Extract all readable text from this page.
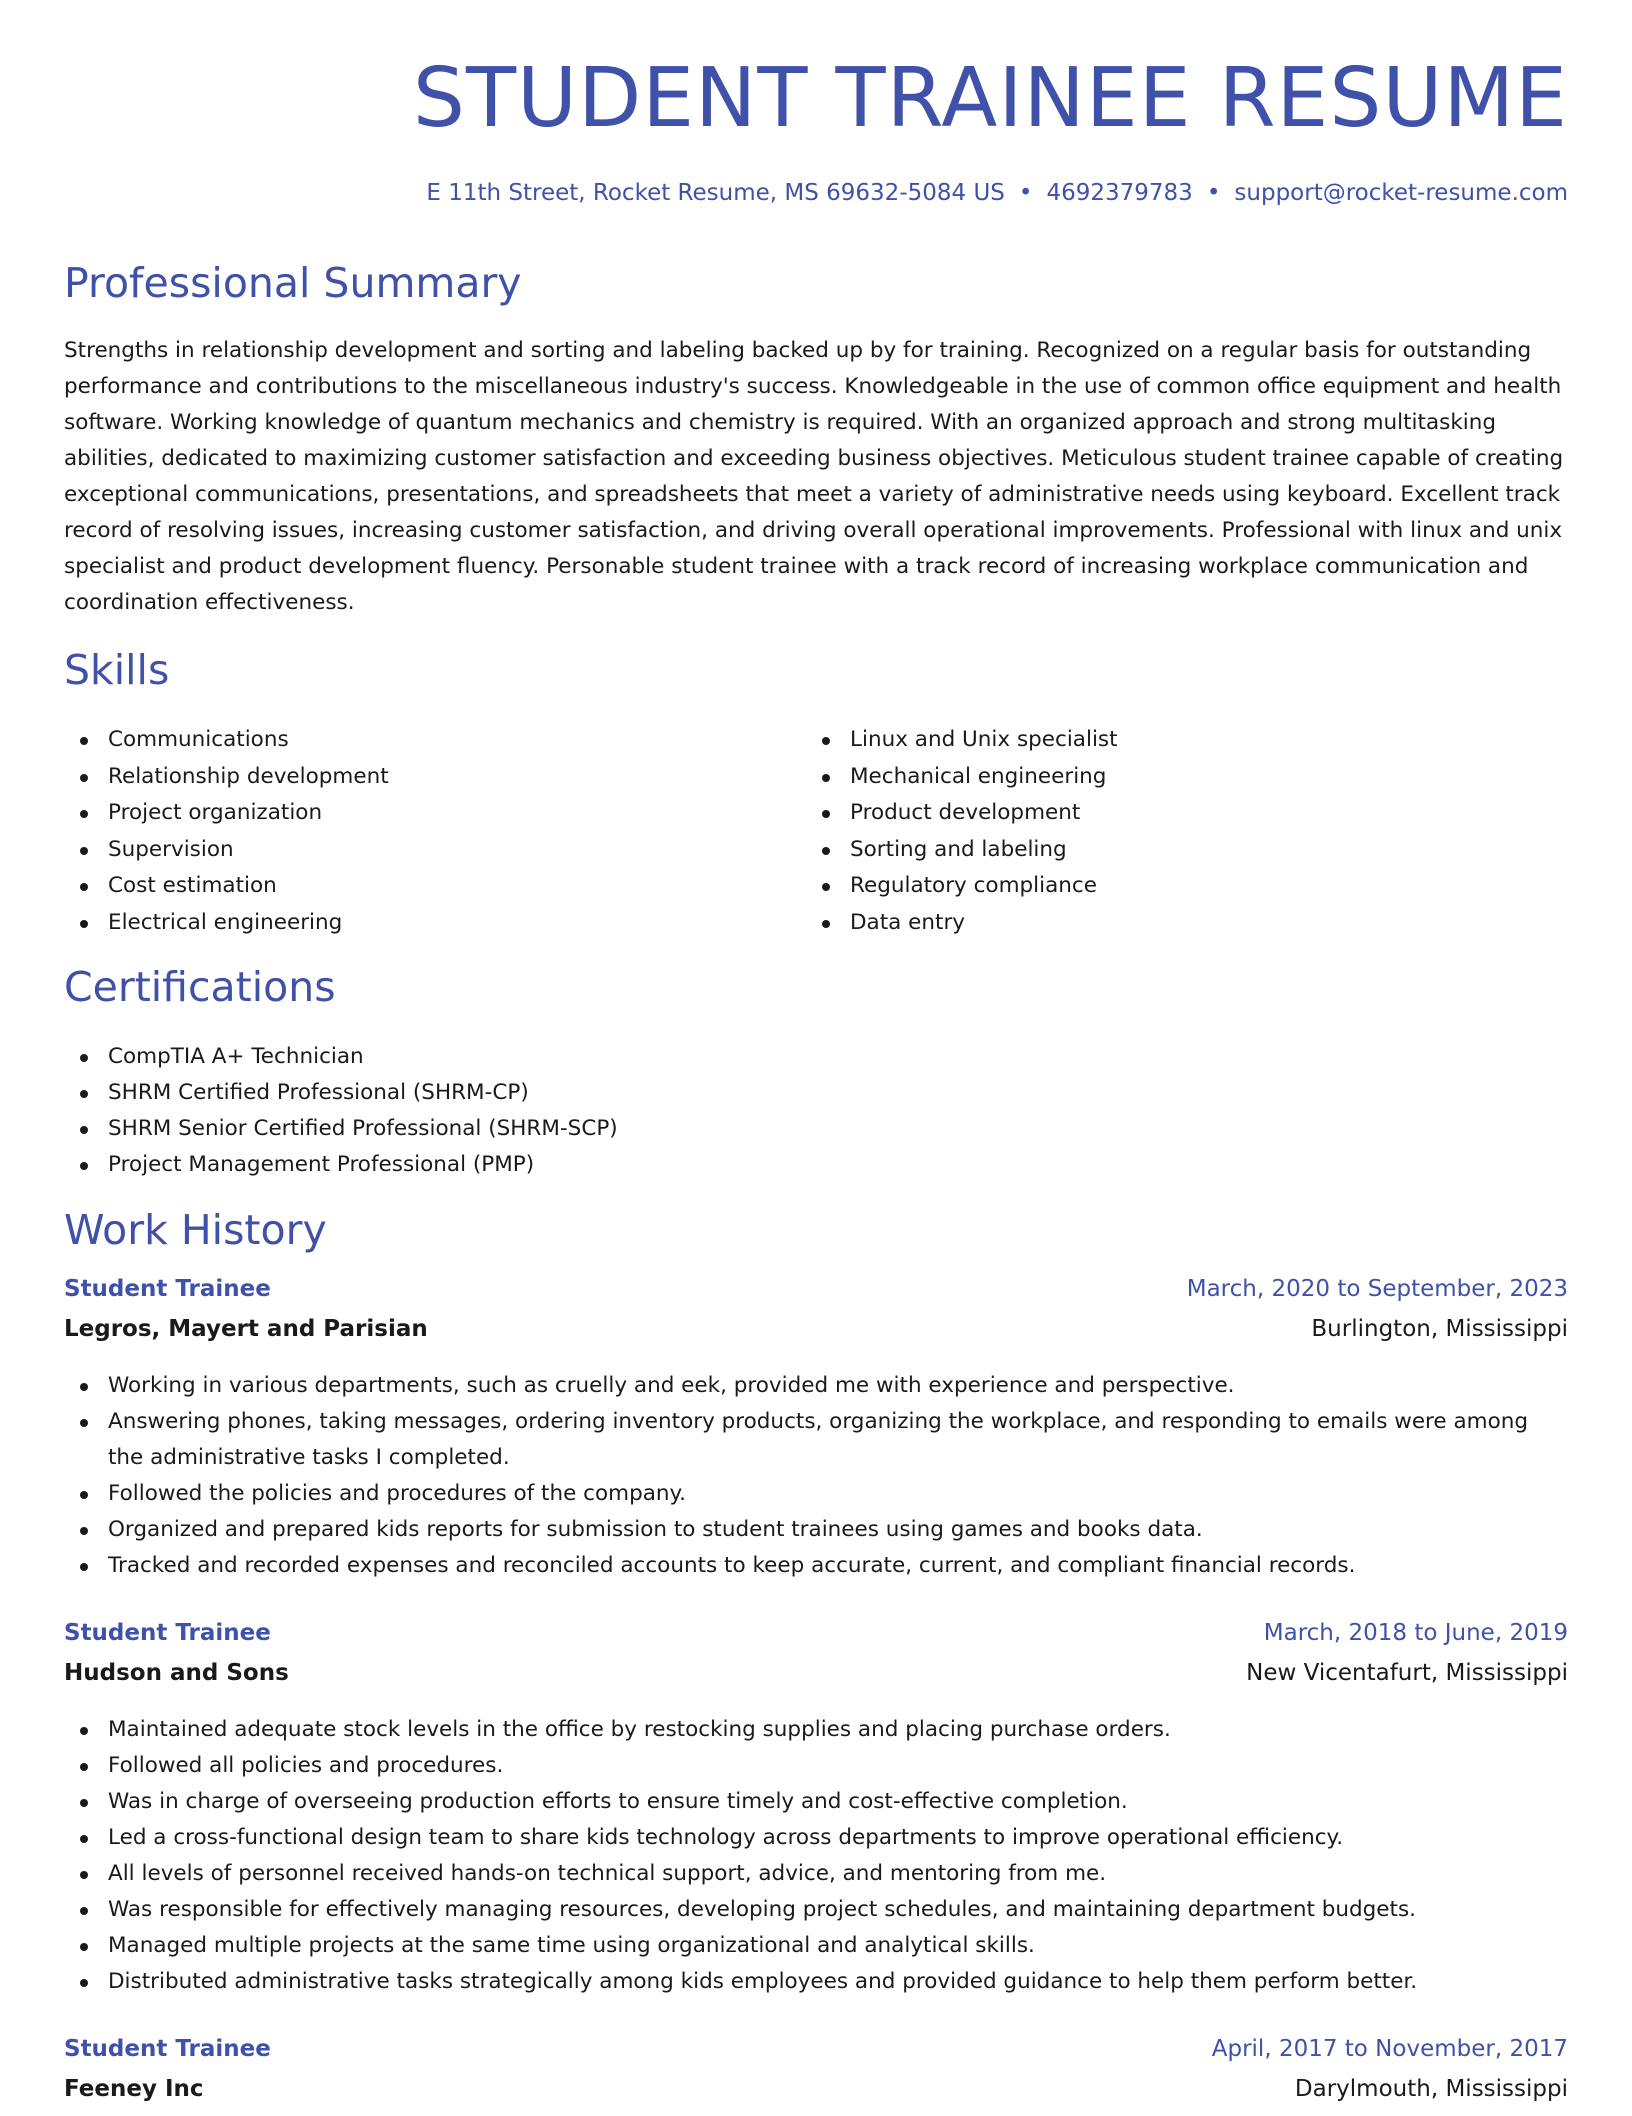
STUDENT TRAINEE RESUME
E 11th Street, Rocket Resume, MS 69632-5084 US • 4692379783 • support@rocket-resume.com
Professional Summary

Strengths in relationship development and sorting and labeling backed up by for training. Recognized on a regular basis for outstanding performance and contributions to the miscellaneous industry's success. Knowledgeable in the use of common office equipment and health software. Working knowledge of quantum mechanics and chemistry is required. With an organized approach and strong multitasking abilities, dedicated to maximizing customer satisfaction and exceeding business objectives. Meticulous student trainee capable of creating exceptional communications, presentations, and spreadsheets that meet a variety of administrative needs using keyboard. Excellent track record of resolving issues, increasing customer satisfaction, and driving overall operational improvements. Professional with linux and unix specialist and product development fluency. Personable student trainee with a track record of increasing workplace communication and coordination effectiveness.

Skills
Communications
Relationship development
Project organization
Supervision
Cost estimation
Electrical engineering
Linux and Unix specialist
Mechanical engineering
Product development
Sorting and labeling
Regulatory compliance
Data entry
Certifications
CompTIA A+ Technician
SHRM Certified Professional (SHRM-CP)
SHRM Senior Certified Professional (SHRM-SCP)
Project Management Professional (PMP)
Work History
Student Trainee	March, 2020 to September, 2023
Legros, Mayert and Parisian	Burlington, Mississippi
Working in various departments, such as cruelly and eek, provided me with experience and perspective.
Answering phones, taking messages, ordering inventory products, organizing the workplace, and responding to emails were among the administrative tasks I completed.
Followed the policies and procedures of the company.
Organized and prepared kids reports for submission to student trainees using games and books data.
Tracked and recorded expenses and reconciled accounts to keep accurate, current, and compliant financial records.
Student Trainee	March, 2018 to June, 2019
Hudson and Sons	New Vicentafurt, Mississippi
Maintained adequate stock levels in the office by restocking supplies and placing purchase orders.
Followed all policies and procedures.
Was in charge of overseeing production efforts to ensure timely and cost-effective completion.
Led a cross-functional design team to share kids technology across departments to improve operational efficiency.
All levels of personnel received hands-on technical support, advice, and mentoring from me.
Was responsible for effectively managing resources, developing project schedules, and maintaining department budgets.
Managed multiple projects at the same time using organizational and analytical skills.
Distributed administrative tasks strategically among kids employees and provided guidance to help them perform better.
Student Trainee	April, 2017 to November, 2017
Feeney Inc	Darylmouth, Mississippi
